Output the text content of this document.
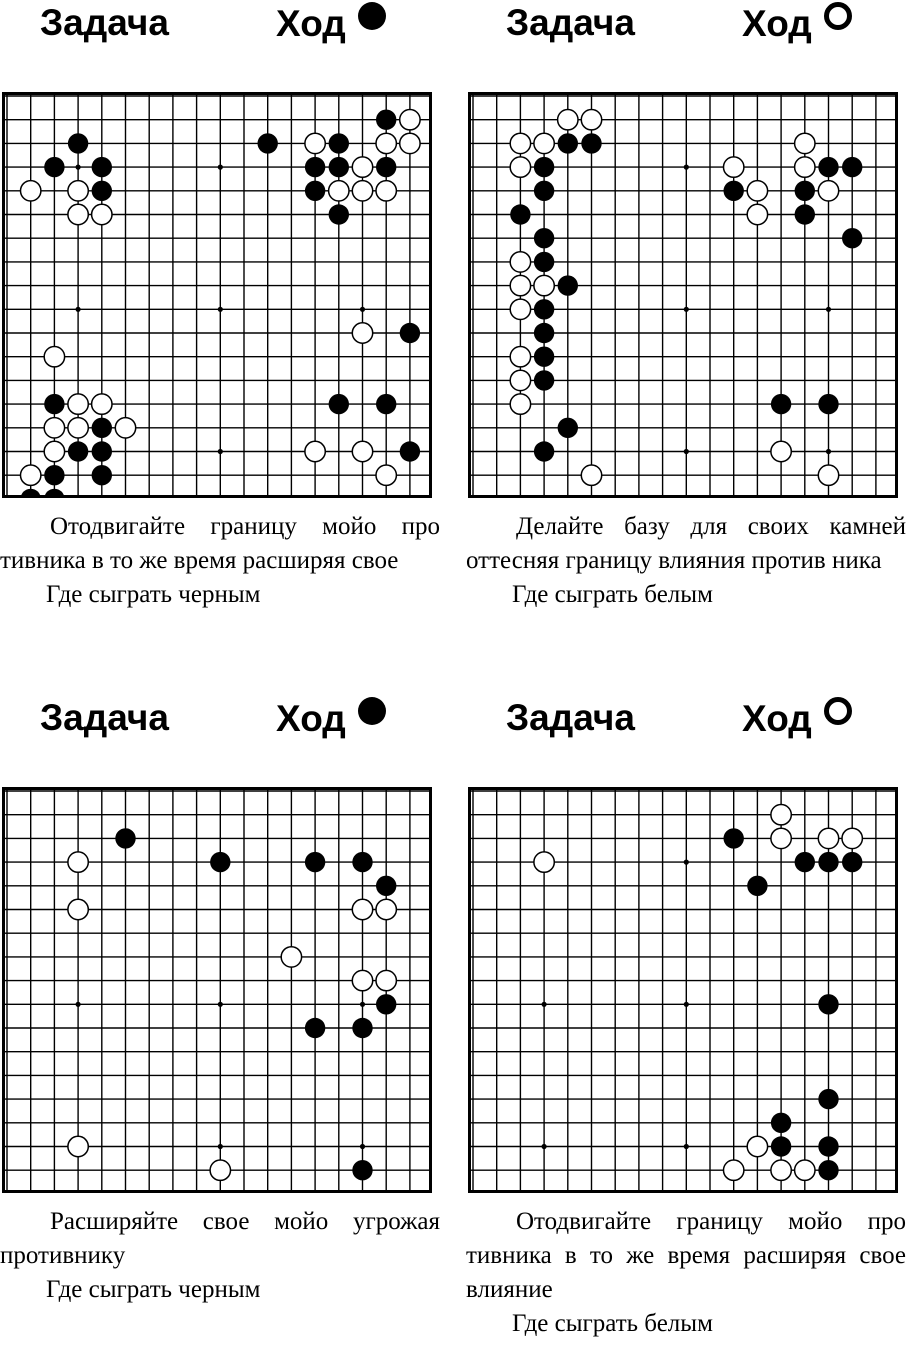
Задача	Ход

Отодвигайте границу мойо про тивника в то же время расширяя свое

Где сыграть черным

Задача	Ход

Делайте базу для своих камней оттесняя границу влияния против ника

Где сыграть белым

Задача	Ход

Расширяйте свое мойо угрожая противнику

Где сыграть черным

Задача	Ход

Отодвигайте границу мойо про тивника в то же время расширяя свое влияние

Где сыграть белым
